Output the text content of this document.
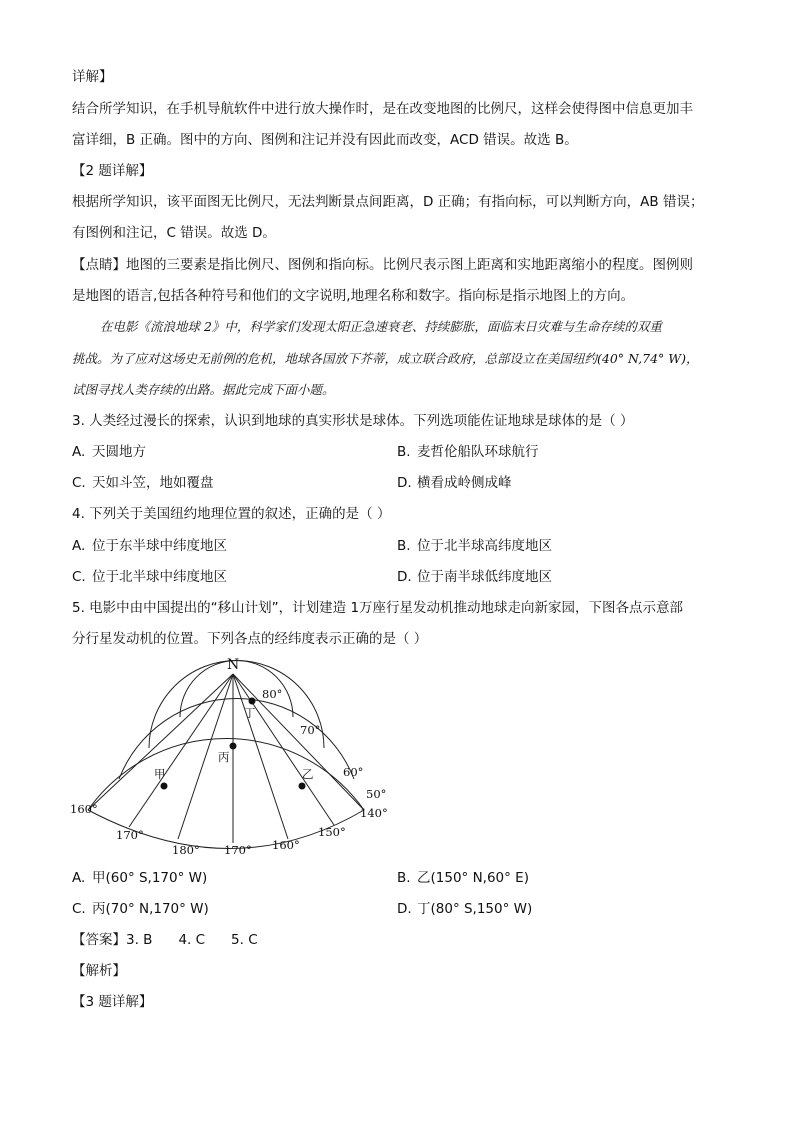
详解】
结合所学知识，在手机导航软件中进行放大操作时，是在改变地图的比例尺，这样会使得图中信息更加丰
富详细，B 正确。图中的方向、图例和注记并没有因此而改变，ACD 错误。故选 B。
【2 题详解】
根据所学知识，该平面图无比例尺，无法判断景点间距离，D 正确；有指向标，可以判断方向，AB 错误；
有图例和注记，C 错误。故选 D。
【点睛】地图的三要素是指比例尺、图例和指向标。比例尺表示图上距离和实地距离缩小的程度。图例则
是地图的语言,包括各种符号和他们的文字说明,地理名称和数字。指向标是指示地图上的方向。
在电影《流浪地球 2》中，科学家们发现太阳正急速衰老、持续膨胀，面临末日灾难与生命存续的双重
挑战。为了应对这场史无前例的危机，地球各国放下芥蒂，成立联合政府，总部设立在美国纽约(40° N,74° W)，
试图寻找人类存续的出路。据此完成下面小题。
3. 人类经过漫长的探索，认识到地球的真实形状是球体。下列选项能佐证地球是球体的是（ ）
A. 天圆地方	B. 麦哲伦船队环球航行
C. 天如斗笠，地如覆盘	D. 横看成岭侧成峰
4. 下列关于美国纽约地理位置的叙述，正确的是（ ）
A. 位于东半球中纬度地区	B. 位于北半球高纬度地区
C. 位于北半球中纬度地区	D. 位于南半球低纬度地区
5. 电影中由中国提出的“移山计划”，计划建造 1万座行星发动机推动地球走向新家园，下图各点示意部
分行星发动机的位置。下列各点的经纬度表示正确的是（ ）
N
80°
70°
60°
50°
160°
170°
180° 170° 160°
150°
140°
丁
丙
甲	乙
A. 甲(60° S,170° W)	B. 乙(150° N,60° E)
C. 丙(70° N,170° W)	D. 丁(80° S,150° W)
【答案】3. B 4. C 5. C
【解析】
【3 题详解】
